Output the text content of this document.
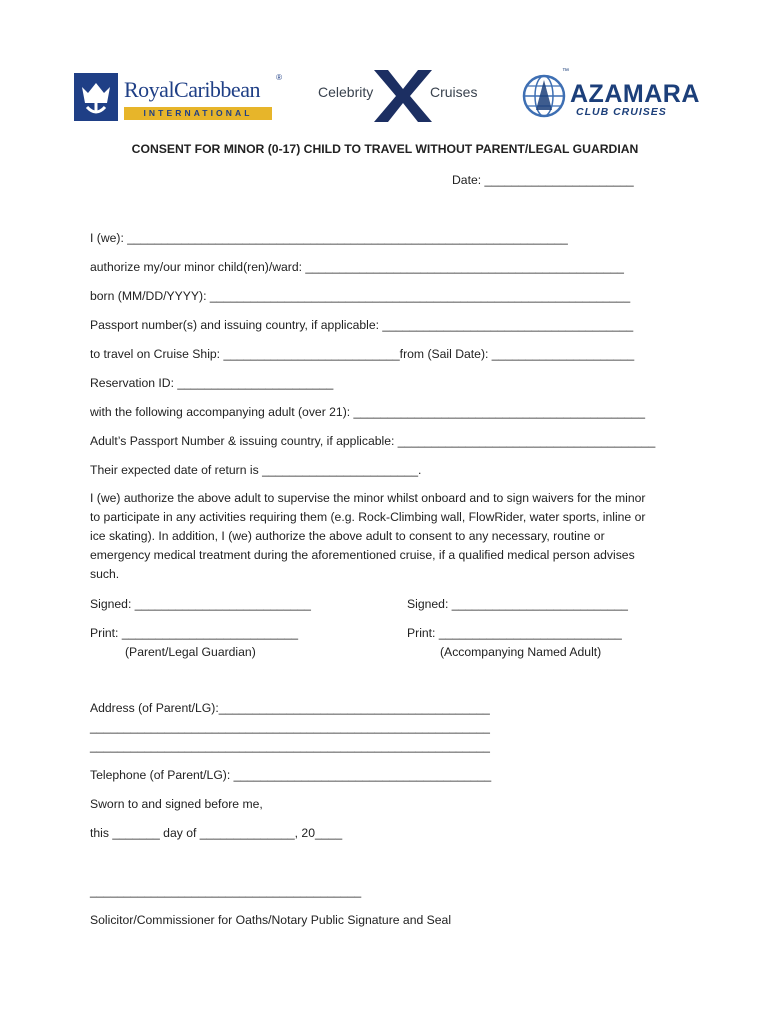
RoyalCaribbean
INTERNATIONAL
®
Celebrity	Cruises	AZAMARA
CLUB CRUISES
™
CONSENT FOR MINOR (0-17) CHILD TO TRAVEL WITHOUT PARENT/LEGAL GUARDIAN
Date: ______________________
I (we): _________________________________________________________________
authorize my/our minor child(ren)/ward: _______________________________________________
born (MM/DD/YYYY): ______________________________________________________________
Passport number(s) and issuing country, if applicable: _____________________________________
to travel on Cruise Ship: __________________________from (Sail Date): _____________________
Reservation ID: _______________________
with the following accompanying adult (over 21): ___________________________________________
Adult’s Passport Number & issuing country, if applicable: ______________________________________
Their expected date of return is _______________________.
I (we) authorize the above adult to supervise the minor whilst onboard and to sign waivers for the minor
to participate in any activities requiring them (e.g. Rock-Climbing wall, FlowRider, water sports, inline or
ice skating). In addition, I (we) authorize the above adult to consent to any necessary, routine or
emergency medical treatment during the aforementioned cruise, if a qualified medical person advises
such.
Signed: __________________________	Signed: __________________________
Print: __________________________	Print: ___________________________
(Parent/Legal Guardian)	(Accompanying Named Adult)
Address (of Parent/LG):________________________________________
___________________________________________________________
___________________________________________________________
Telephone (of Parent/LG): ______________________________________
Sworn to and signed before me,
this _______ day of ______________, 20____
________________________________________
Solicitor/Commissioner for Oaths/Notary Public Signature and Seal
